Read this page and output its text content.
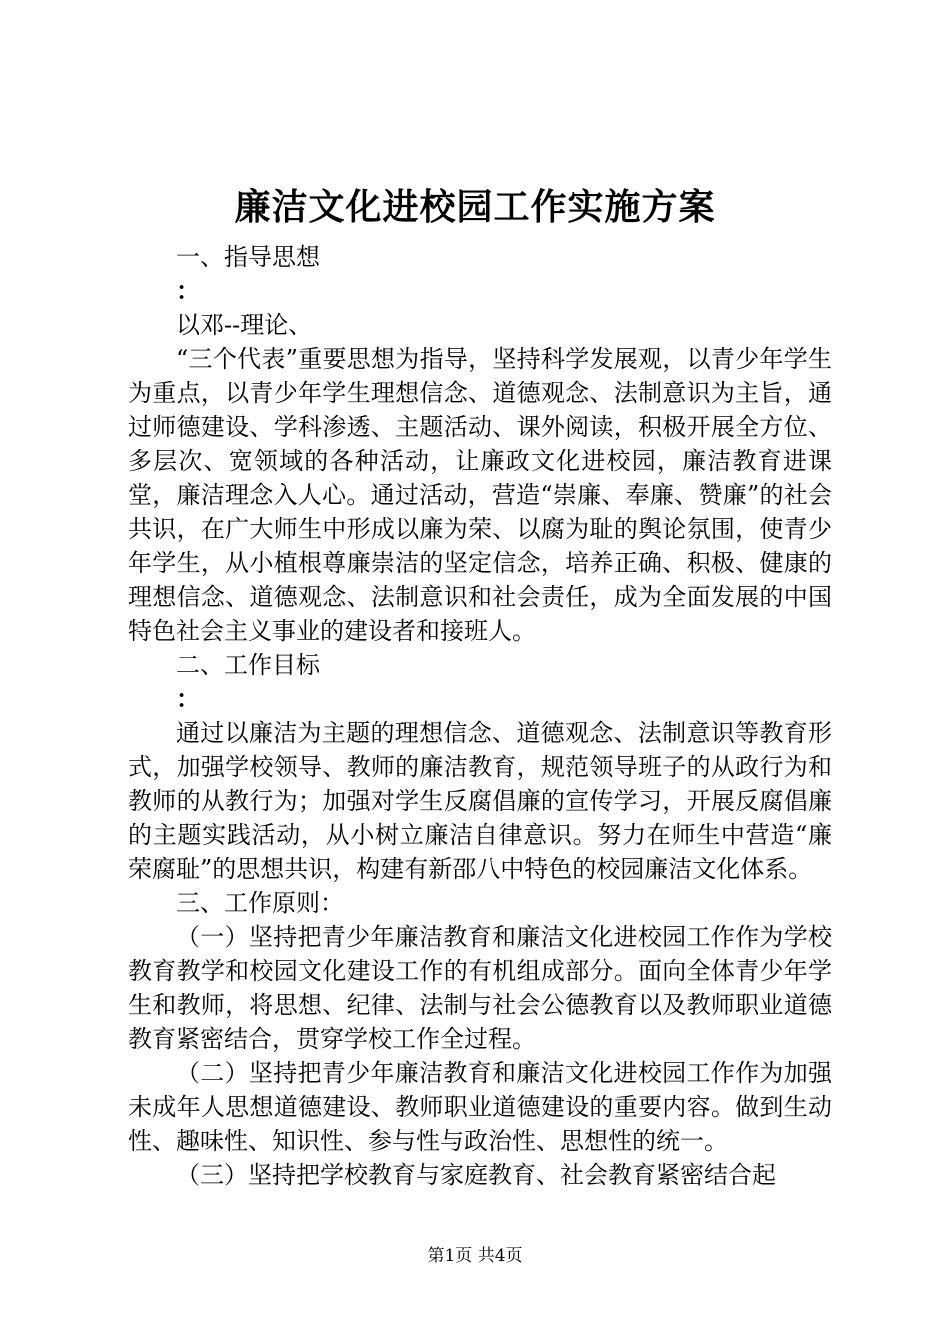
廉洁文化进校园工作实施方案

一、指导思想

：

以邓--理论、

“三个代表”重要思想为指导，坚持科学发展观，以青少年学生为重点，以青少年学生理想信念、道德观念、法制意识为主旨，通过师德建设、学科渗透、主题活动、课外阅读，积极开展全方位、多层次、宽领域的各种活动，让廉政文化进校园，廉洁教育进课堂，廉洁理念入人心。通过活动，营造“崇廉、奉廉、赞廉”的社会共识，在广大师生中形成以廉为荣、以腐为耻的舆论氛围，使青少年学生，从小植根尊廉崇洁的坚定信念，培养正确、积极、健康的理想信念、道德观念、法制意识和社会责任，成为全面发展的中国特色社会主义事业的建设者和接班人。

二、工作目标

：

通过以廉洁为主题的理想信念、道德观念、法制意识等教育形式，加强学校领导、教师的廉洁教育，规范领导班子的从政行为和教师的从教行为；加强对学生反腐倡廉的宣传学习，开展反腐倡廉的主题实践活动，从小树立廉洁自律意识。努力在师生中营造“廉荣腐耻”的思想共识，构建有新邵八中特色的校园廉洁文化体系。

三、工作原则：

（一）坚持把青少年廉洁教育和廉洁文化进校园工作作为学校教育教学和校园文化建设工作的有机组成部分。面向全体青少年学生和教师，将思想、纪律、法制与社会公德教育以及教师职业道德教育紧密结合，贯穿学校工作全过程。

（二）坚持把青少年廉洁教育和廉洁文化进校园工作作为加强未成年人思想道德建设、教师职业道德建设的重要内容。做到生动性、趣味性、知识性、参与性与政治性、思想性的统一。

（三）坚持把学校教育与家庭教育、社会教育紧密结合起

第1页 共4页
